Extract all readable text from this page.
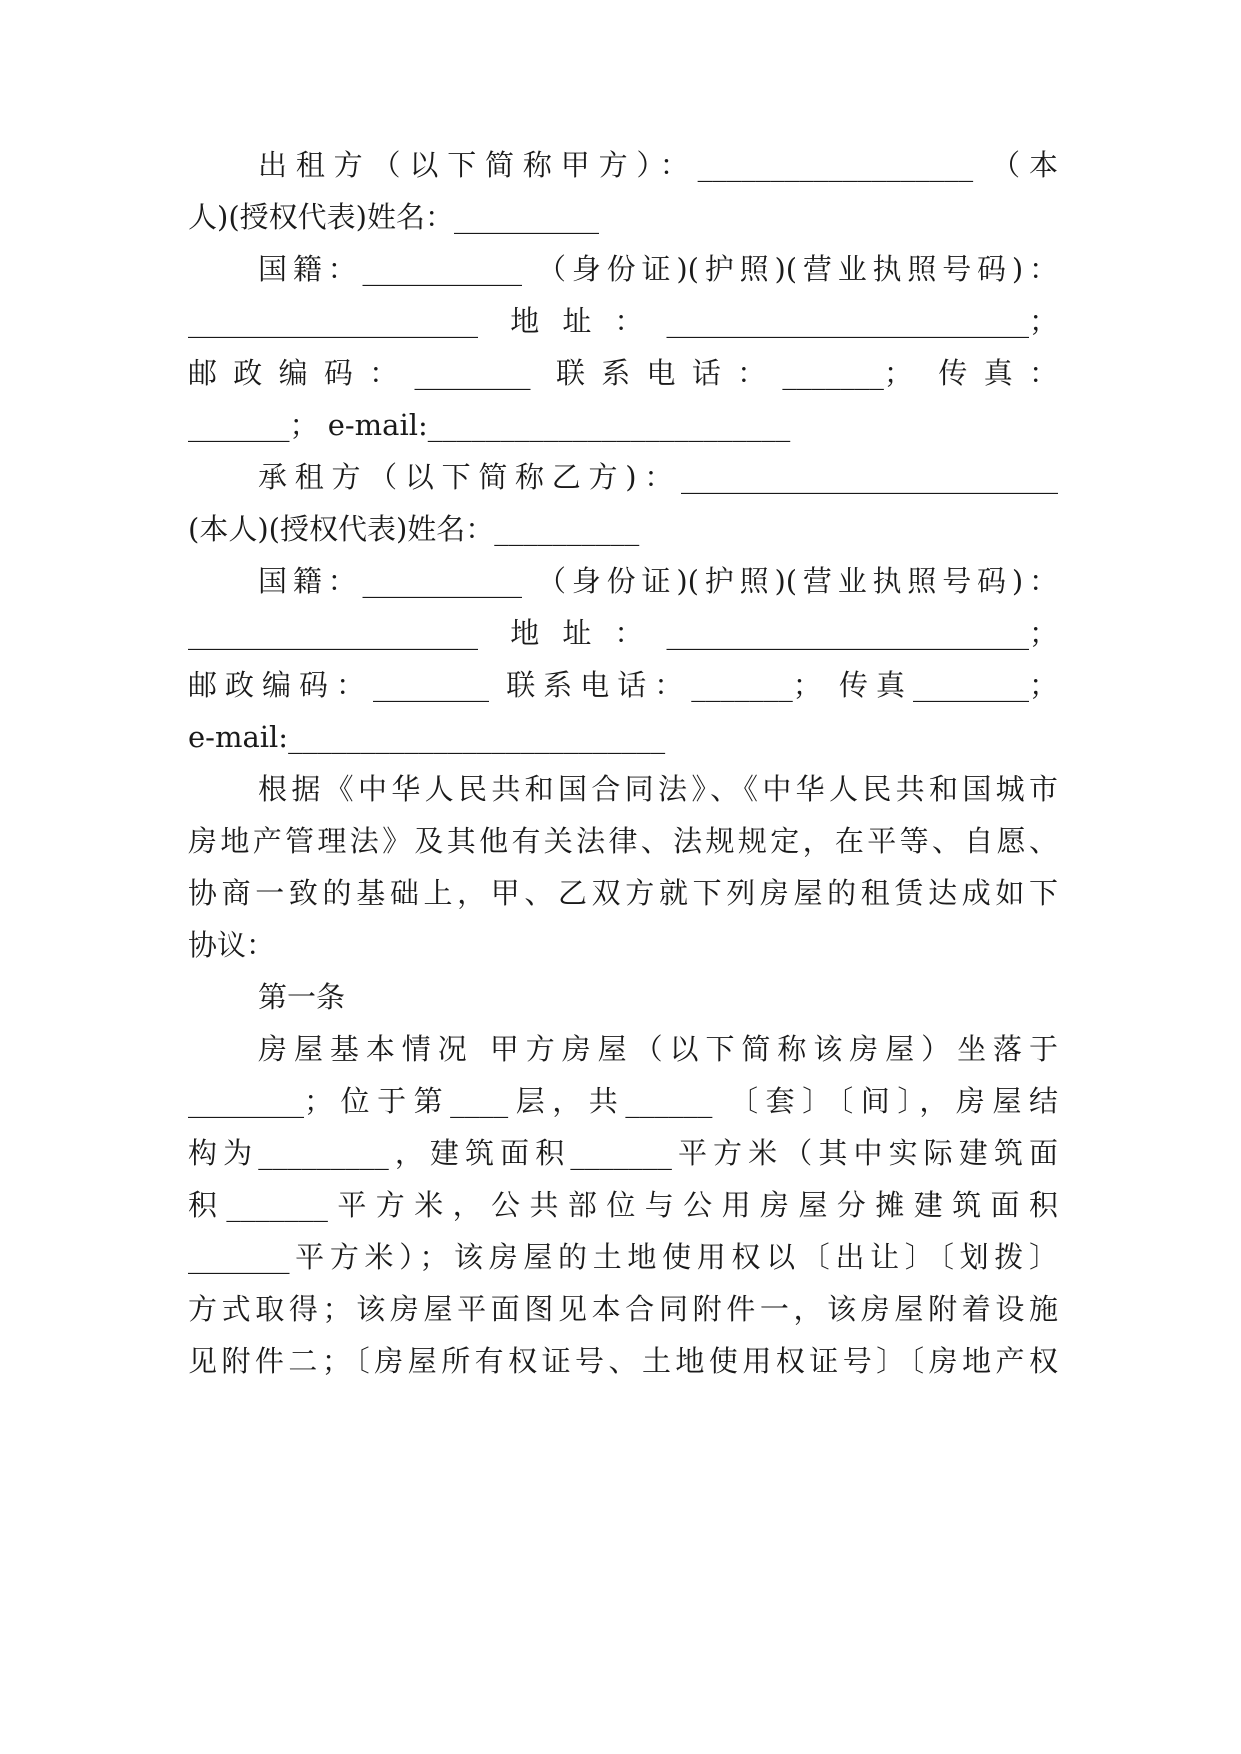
出租方（以下简称甲方）：___________________ （本
人)(授权代表)姓名：__________
国籍：___________ （身份证)(护照)(营业执照号码)：
____________________ 地址：_________________________；
邮政编码：________ 联系电话：_______； 传真：
_______； e-mail:_________________________
承租方（以下简称乙方)：__________________________
(本人)(授权代表)姓名：__________
国籍：___________ （身份证)(护照)(营业执照号码)：
____________________ 地址：_________________________；
邮政编码：________ 联系电话：_______； 传真________；
e-mail:__________________________
根据《中华人民共和国合同法》、《中华人民共和国城市
房地产管理法》及其他有关法律、法规规定，在平等、自愿、
协商一致的基础上，甲、乙双方就下列房屋的租赁达成如下
协议：
第一条
房屋基本情况 甲方房屋（以下简称该房屋）坐落于
________；位于第____层，共______ 〔套〕〔间〕，房屋结
构为_________，建筑面积_______平方米（其中实际建筑面
积_______平方米，公共部位与公用房屋分摊建筑面积
_______平方米）；该房屋的土地使用权以〔出让〕〔划拨〕
方式取得；该房屋平面图见本合同附件一，该房屋附着设施
见附件二；〔房屋所有权证号、土地使用权证号〕〔房地产权
